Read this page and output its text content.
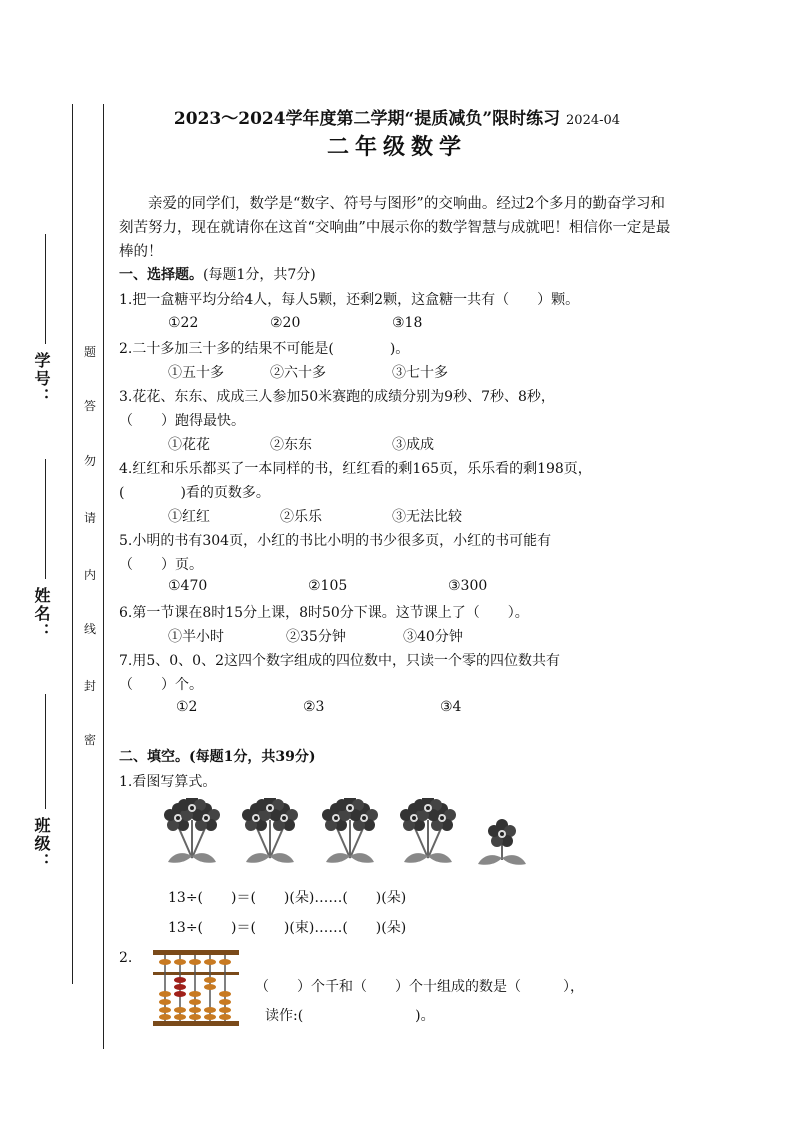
学号：
姓名：
班级：
题
答
勿
请
内
线
封
密
2023～2024学年度第二学期“提质减负”限时练习 2024-04
二年级数学
亲爱的同学们，数学是“数字、符号与图形”的交响曲。经过2个多月的勤奋学习和刻苦努力，现在就请你在这首“交响曲”中展示你的数学智慧与成就吧！相信你一定是最棒的！
一、选择题。(每题1分，共7分)
1.把一盒糖平均分给4人，每人5颗，还剩2颗，这盒糖一共有（　　）颗。
①22	②20	③18
2.二十多加三十多的结果不可能是(　　　　)。
①五十多	②六十多	③七十多
3.花花、东东、成成三人参加50米赛跑的成绩分别为9秒、7秒、8秒，
（　　）跑得最快。
①花花	②东东	③成成
4.红红和乐乐都买了一本同样的书，红红看的剩165页，乐乐看的剩198页，
(　　　　)看的页数多。
①红红	②乐乐	③无法比较
5.小明的书有304页，小红的书比小明的书少很多页，小红的书可能有
（　　）页。
①470	②105	③300
6.第一节课在8时15分上课，8时50分下课。这节课上了（　　）。
①半小时	②35分钟	③40分钟
7.用5、0、0、2这四个数字组成的四位数中，只读一个零的四位数共有
（　　）个。
①2	②3	③4
二、填空。(每题1分，共39分)
1.看图写算式。
13÷(　　)＝(　　)(朵)……(　　)(朵)
13÷(　　)＝(　　)(束)……(　　)(朵)
2.
（　　）个千和（　　）个十组成的数是（　　　），
读作:(　　　　　　　　)。
